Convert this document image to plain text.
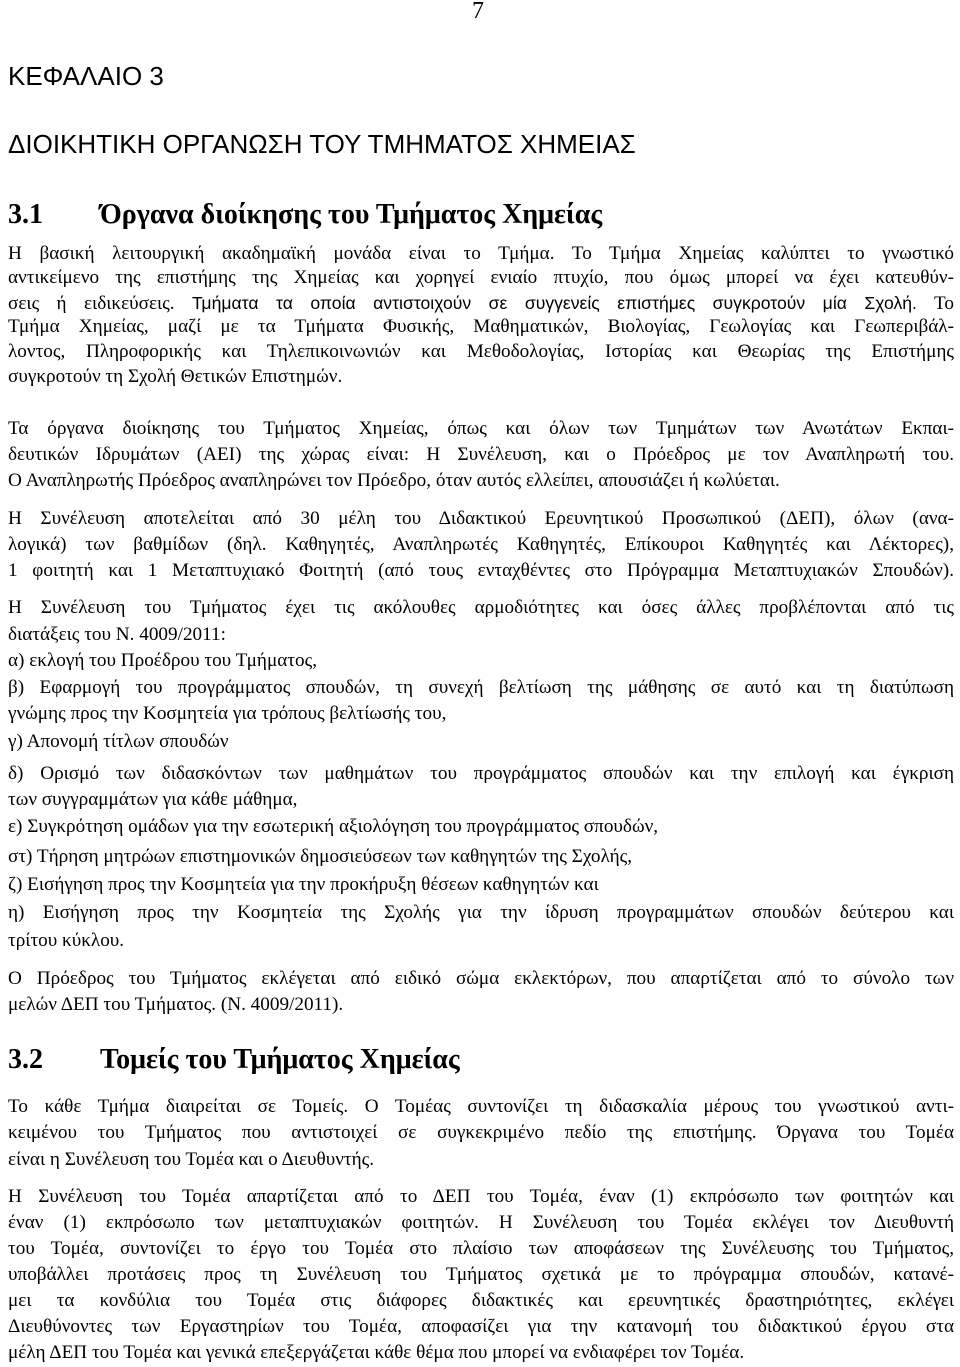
7
ΚΕΦΑΛΑΙΟ 3
ΔΙΟΙΚΗΤΙΚΗ ΟΡΓΑΝΩΣΗ ΤΟΥ ΤΜΗΜΑΤΟΣ ΧΗΜΕΙΑΣ
3.1 Όργανα διοίκησης του Τμήματος Χημείας
Η βασική λειτουργική ακαδημαϊκή μονάδα είναι το Τμήμα. Το Τμήμα Χημείας καλύπτει το γνωστικό
αντικείμενο της επιστήμης της Χημείας και χορηγεί ενιαίο πτυχίο, που όμως μπορεί να έχει κατευθύν-
σεις ή ειδικεύσεις. Τμήματα τα οποία αντιστοιχούν σε συγγενείς επιστήμες συγκροτούν μία Σχολή. Το
Τμήμα Χημείας, μαζί με τα Τμήματα Φυσικής, Μαθηματικών, Βιολογίας, Γεωλογίας και Γεωπεριβάλ-
λοντος, Πληροφορικής και Τηλεπικοινωνιών και Μεθοδολογίας, Ιστορίας και Θεωρίας της Επιστήμης
συγκροτούν τη Σχολή Θετικών Επιστημών.
Τα όργανα διοίκησης του Τμήματος Χημείας, όπως και όλων των Τμημάτων των Ανωτάτων Εκπαι-
δευτικών Ιδρυμάτων (ΑΕΙ) της χώρας είναι: Η Συνέλευση, και ο Πρόεδρος με τον Αναπληρωτή του.
Ο Αναπληρωτής Πρόεδρος αναπληρώνει τον Πρόεδρο, όταν αυτός ελλείπει, απουσιάζει ή κωλύεται.
Η Συνέλευση αποτελείται από 30 μέλη του Διδακτικού Ερευνητικού Προσωπικού (ΔΕΠ), όλων (ανα-
λογικά) των βαθμίδων (δηλ. Καθηγητές, Αναπληρωτές Καθηγητές, Επίκουροι Καθηγητές και Λέκτορες),
1 φοιτητή και 1 Μεταπτυχιακό Φοιτητή (από τους ενταχθέντες στο Πρόγραμμα Μεταπτυχιακών Σπουδών).
Η Συνέλευση του Τμήματος έχει τις ακόλουθες αρμοδιότητες και όσες άλλες προβλέπονται από τις
διατάξεις του Ν. 4009/2011:
α) εκλογή του Προέδρου του Τμήματος,
β) Εφαρμογή του προγράμματος σπουδών, τη συνεχή βελτίωση της μάθησης σε αυτό και τη διατύπωση
γνώμης προς την Κοσμητεία για τρόπους βελτίωσής του,
γ) Απονομή τίτλων σπουδών
δ) Ορισμό των διδασκόντων των μαθημάτων του προγράμματος σπουδών και την επιλογή και έγκριση
των συγγραμμάτων για κάθε μάθημα,
ε) Συγκρότηση ομάδων για την εσωτερική αξιολόγηση του προγράμματος σπουδών,
στ) Τήρηση μητρώων επιστημονικών δημοσιεύσεων των καθηγητών της Σχολής,
ζ) Εισήγηση προς την Κοσμητεία για την προκήρυξη θέσεων καθηγητών και
η) Εισήγηση προς την Κοσμητεία της Σχολής για την ίδρυση προγραμμάτων σπουδών δεύτερου και
τρίτου κύκλου.
Ο Πρόεδρος του Τμήματος εκλέγεται από ειδικό σώμα εκλεκτόρων, που απαρτίζεται από το σύνολο των
μελών ΔΕΠ του Τμήματος. (Ν. 4009/2011).
3.2 Τομείς του Τμήματος Χημείας
Το κάθε Τμήμα διαιρείται σε Τομείς. Ο Τομέας συντονίζει τη διδασκαλία μέρους του γνωστικού αντι-
κειμένου του Τμήματος που αντιστοιχεί σε συγκεκριμένο πεδίο της επιστήμης. Όργανα του Τομέα
είναι η Συνέλευση του Τομέα και ο Διευθυντής.
Η Συνέλευση του Τομέα απαρτίζεται από το ΔΕΠ του Τομέα, έναν (1) εκπρόσωπο των φοιτητών και
έναν (1) εκπρόσωπο των μεταπτυχιακών φοιτητών. Η Συνέλευση του Τομέα εκλέγει τον Διευθυντή
του Τομέα, συντονίζει το έργο του Τομέα στο πλαίσιο των αποφάσεων της Συνέλευσης του Τμήματος,
υποβάλλει προτάσεις προς τη Συνέλευση του Τμήματος σχετικά με το πρόγραμμα σπουδών, κατανέ-
μει τα κονδύλια του Τομέα στις διάφορες διδακτικές και ερευνητικές δραστηριότητες, εκλέγει
Διευθύνοντες των Εργαστηρίων του Τομέα, αποφασίζει για την κατανομή του διδακτικού έργου στα
μέλη ΔΕΠ του Τομέα και γενικά επεξεργάζεται κάθε θέμα που μπορεί να ενδιαφέρει τον Τομέα.
